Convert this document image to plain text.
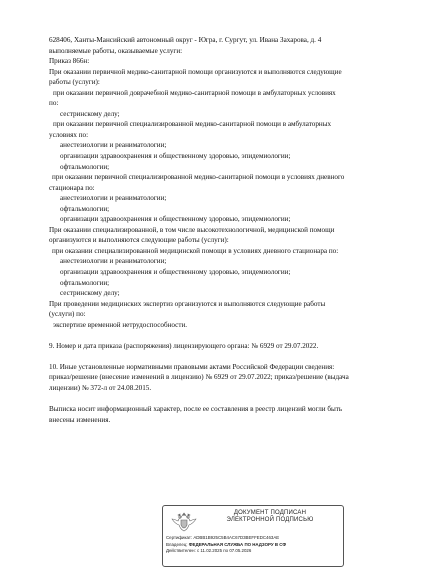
628406, Ханты-Мансийский автономный округ - Югра, г. Сургут, ул. Ивана Захарова, д. 4
выполняемые работы, оказываемые услуги:
Приказ 866н:
При оказании первичной медико-санитарной помощи организуются и выполняются следующие
работы (услуги):
при оказании первичной доврачебной медико-санитарной помощи в амбулаторных условиях
по:
сестринскому делу;
при оказании первичной специализированной медико-санитарной помощи в амбулаторных
условиях по:
анестезиологии и реаниматологии;
организации здравоохранения и общественному здоровью, эпидемиологии;
офтальмологии;
при оказании первичной специализированной медико-санитарной помощи в условиях дневного
стационара по:
анестезиологии и реаниматологии;
офтальмологии;
организации здравоохранения и общественному здоровью, эпидемиологии;
При оказании специализированной, в том числе высокотехнологичной, медицинской помощи
организуются и выполняются следующие работы (услуги):
при оказании специализированной медицинской помощи в условиях дневного стационара по:
анестезиологии и реаниматологии;
организации здравоохранения и общественному здоровью, эпидемиологии;
офтальмологии;
сестринскому делу;
При проведении медицинских экспертиз организуются и выполняются следующие работы
(услуги) по:
экспертизе временной нетрудоспособности.
9. Номер и дата приказа (распоряжения) лицензирующего органа: № 6929 от 29.07.2022.
10. Иные установленные нормативными правовыми актами Российской Федерации сведения:
приказ/решение (внесение изменений в лицензию) № 6929 от 29.07.2022; приказ/решение (выдача
лицензии) № 372-л от 24.08.2015.
Выписка носит информационный характер, после ее составления в реестр лицензий могли быть
внесены изменения.
ДОКУМЕНТ ПОДПИСАН
ЭЛЕКТРОННОЙ ПОДПИСЬЮ
Сертификат: ADBB1B925C5B4AC67D3BEFFEDC463AE
Владелец: ФЕДЕРАЛЬНАЯ СЛУЖБА ПО НАДЗОРУ В СФ
Действителен: с 11.02.2025 по 07.05.2026
